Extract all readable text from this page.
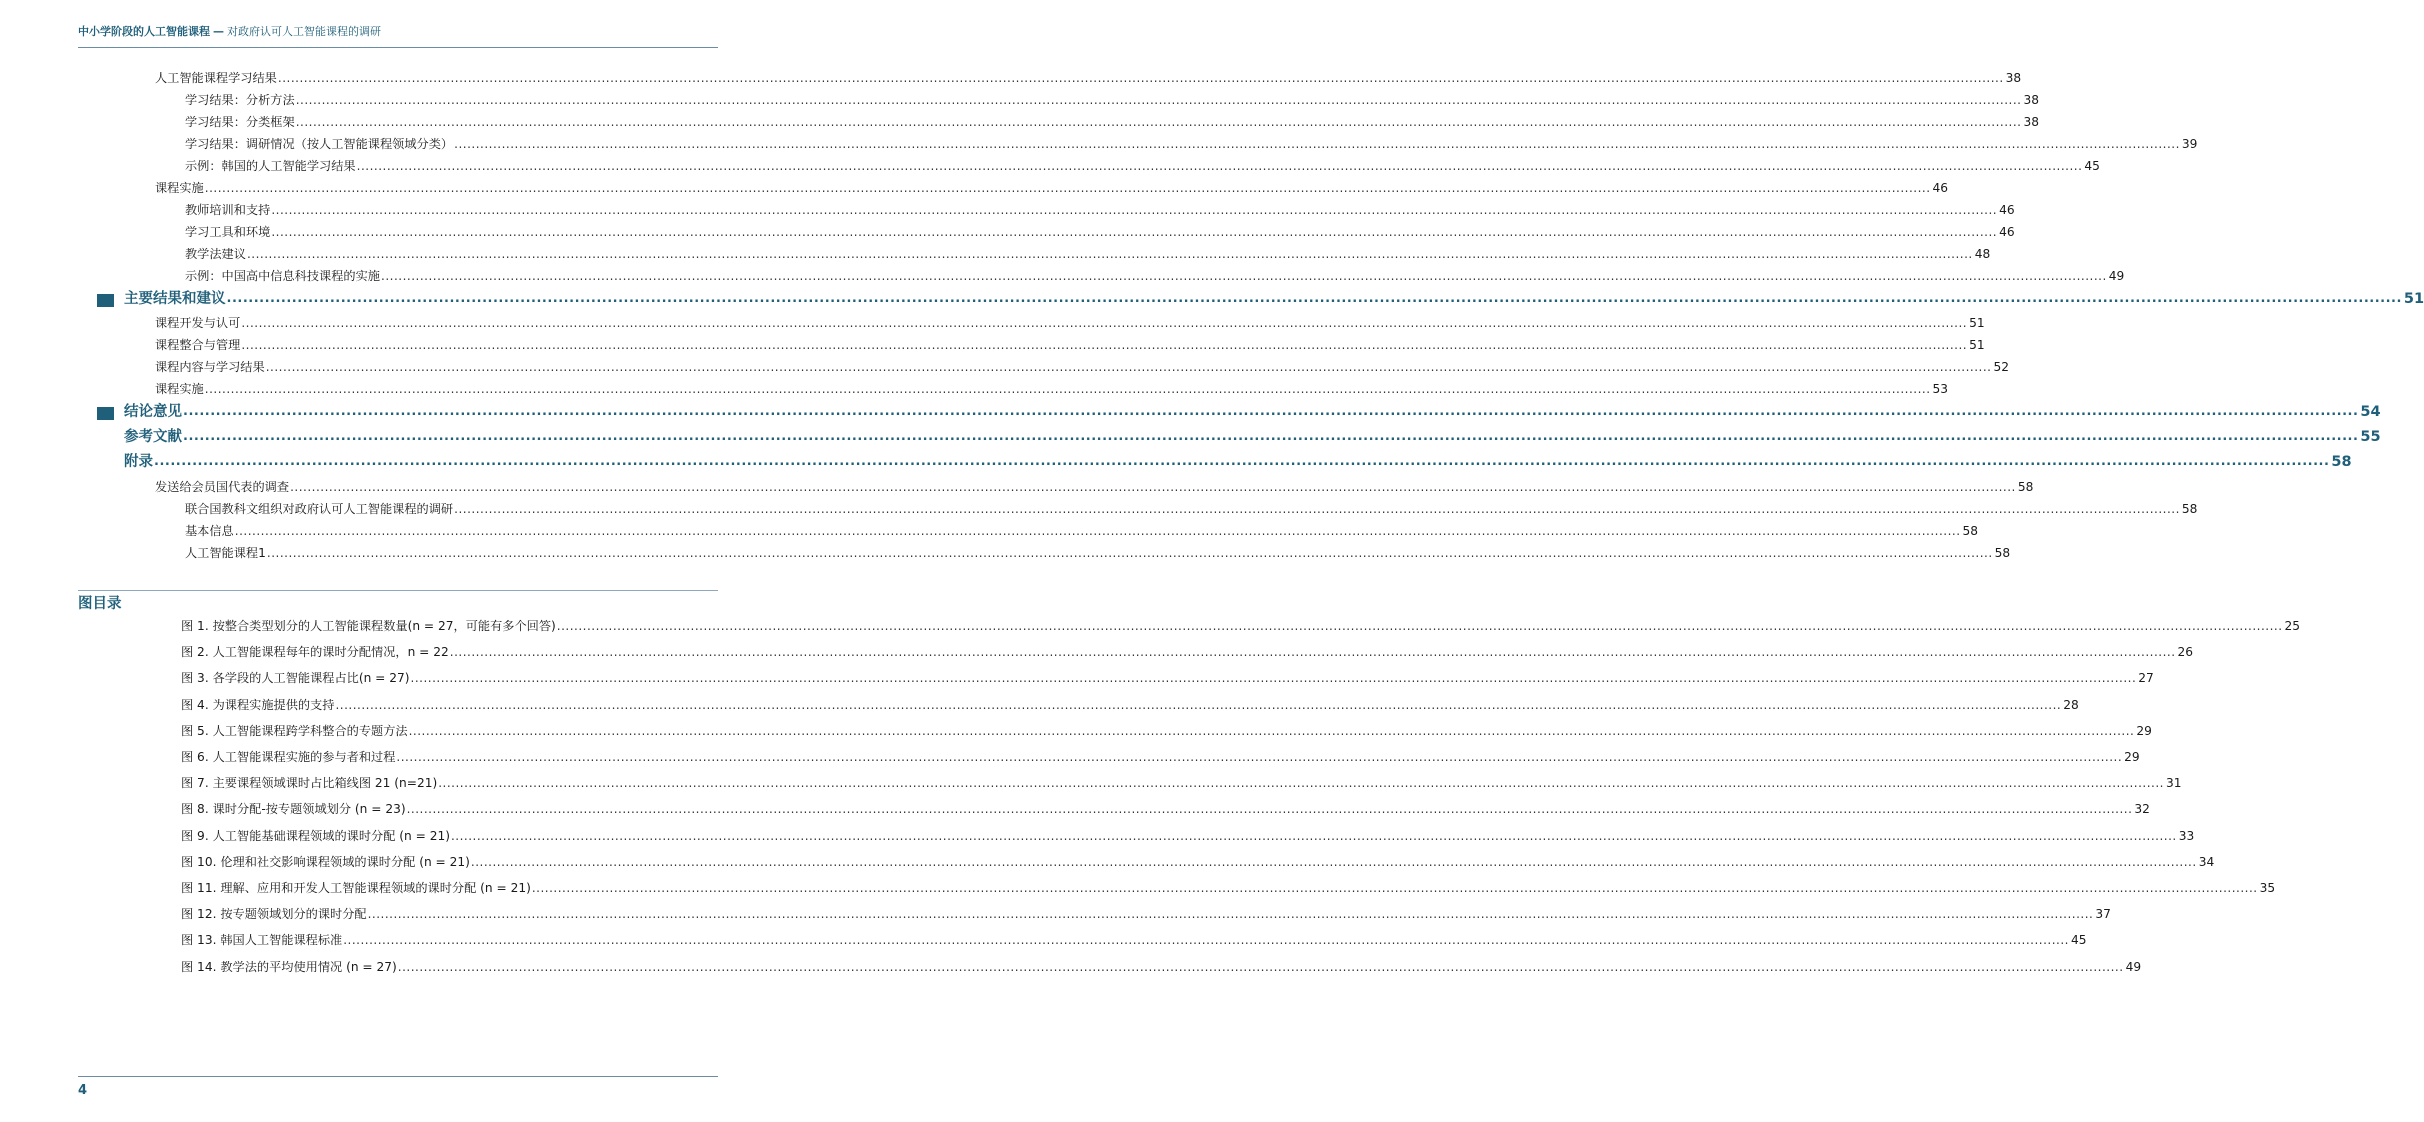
中小学阶段的人工智能课程 — 对政府认可人工智能课程的调研
人工智能课程学习结果 ................................................................................................................................................................................................................................................................................................................................................................................................................ 38
学习结果：分析方法 ................................................................................................................................................................................................................................................................................................................................................................................................................ 38
学习结果：分类框架 ................................................................................................................................................................................................................................................................................................................................................................................................................ 38
学习结果：调研情况（按人工智能课程领域分类） ................................................................................................................................................................................................................................................................................................................................................................................................................ 39
示例：韩国的人工智能学习结果 ................................................................................................................................................................................................................................................................................................................................................................................................................ 45
课程实施 ................................................................................................................................................................................................................................................................................................................................................................................................................ 46
教师培训和支持 ................................................................................................................................................................................................................................................................................................................................................................................................................ 46
学习工具和环境 ................................................................................................................................................................................................................................................................................................................................................................................................................ 46
教学法建议 ................................................................................................................................................................................................................................................................................................................................................................................................................ 48
示例：中国高中信息科技课程的实施 ................................................................................................................................................................................................................................................................................................................................................................................................................ 49
主要结果和建议 ................................................................................................................................................................................................................................................................................................................................................................................................................ 51
课程开发与认可 ................................................................................................................................................................................................................................................................................................................................................................................................................ 51
课程整合与管理 ................................................................................................................................................................................................................................................................................................................................................................................................................ 51
课程内容与学习结果 ................................................................................................................................................................................................................................................................................................................................................................................................................ 52
课程实施 ................................................................................................................................................................................................................................................................................................................................................................................................................ 53
结论意见 ................................................................................................................................................................................................................................................................................................................................................................................................................ 54
参考文献 ................................................................................................................................................................................................................................................................................................................................................................................................................ 55
附录 ................................................................................................................................................................................................................................................................................................................................................................................................................ 58
发送给会员国代表的调查 ................................................................................................................................................................................................................................................................................................................................................................................................................ 58
联合国教科文组织对政府认可人工智能课程的调研 ................................................................................................................................................................................................................................................................................................................................................................................................................ 58
基本信息 ................................................................................................................................................................................................................................................................................................................................................................................................................ 58
人工智能课程1 ................................................................................................................................................................................................................................................................................................................................................................................................................ 58
图目录
图 1. 按整合类型划分的人工智能课程数量(n = 27，可能有多个回答) ................................................................................................................................................................................................................................................................................................................................................................................................................ 25
图 2. 人工智能课程每年的课时分配情况，n = 22 ................................................................................................................................................................................................................................................................................................................................................................................................................ 26
图 3. 各学段的人工智能课程占比(n = 27) ................................................................................................................................................................................................................................................................................................................................................................................................................ 27
图 4. 为课程实施提供的支持 ................................................................................................................................................................................................................................................................................................................................................................................................................ 28
图 5. 人工智能课程跨学科整合的专题方法 ................................................................................................................................................................................................................................................................................................................................................................................................................ 29
图 6. 人工智能课程实施的参与者和过程 ................................................................................................................................................................................................................................................................................................................................................................................................................ 29
图 7. 主要课程领域课时占比箱线图 21 (n=21) ................................................................................................................................................................................................................................................................................................................................................................................................................ 31
图 8. 课时分配-按专题领域划分 (n = 23) ................................................................................................................................................................................................................................................................................................................................................................................................................ 32
图 9. 人工智能基础课程领域的课时分配 (n = 21) ................................................................................................................................................................................................................................................................................................................................................................................................................ 33
图 10. 伦理和社交影响课程领域的课时分配 (n = 21) ................................................................................................................................................................................................................................................................................................................................................................................................................ 34
图 11. 理解、应用和开发人工智能课程领域的课时分配 (n = 21) ................................................................................................................................................................................................................................................................................................................................................................................................................ 35
图 12. 按专题领域划分的课时分配 ................................................................................................................................................................................................................................................................................................................................................................................................................ 37
图 13. 韩国人工智能课程标准 ................................................................................................................................................................................................................................................................................................................................................................................................................ 45
图 14. 教学法的平均使用情况 (n = 27) ................................................................................................................................................................................................................................................................................................................................................................................................................ 49
4
